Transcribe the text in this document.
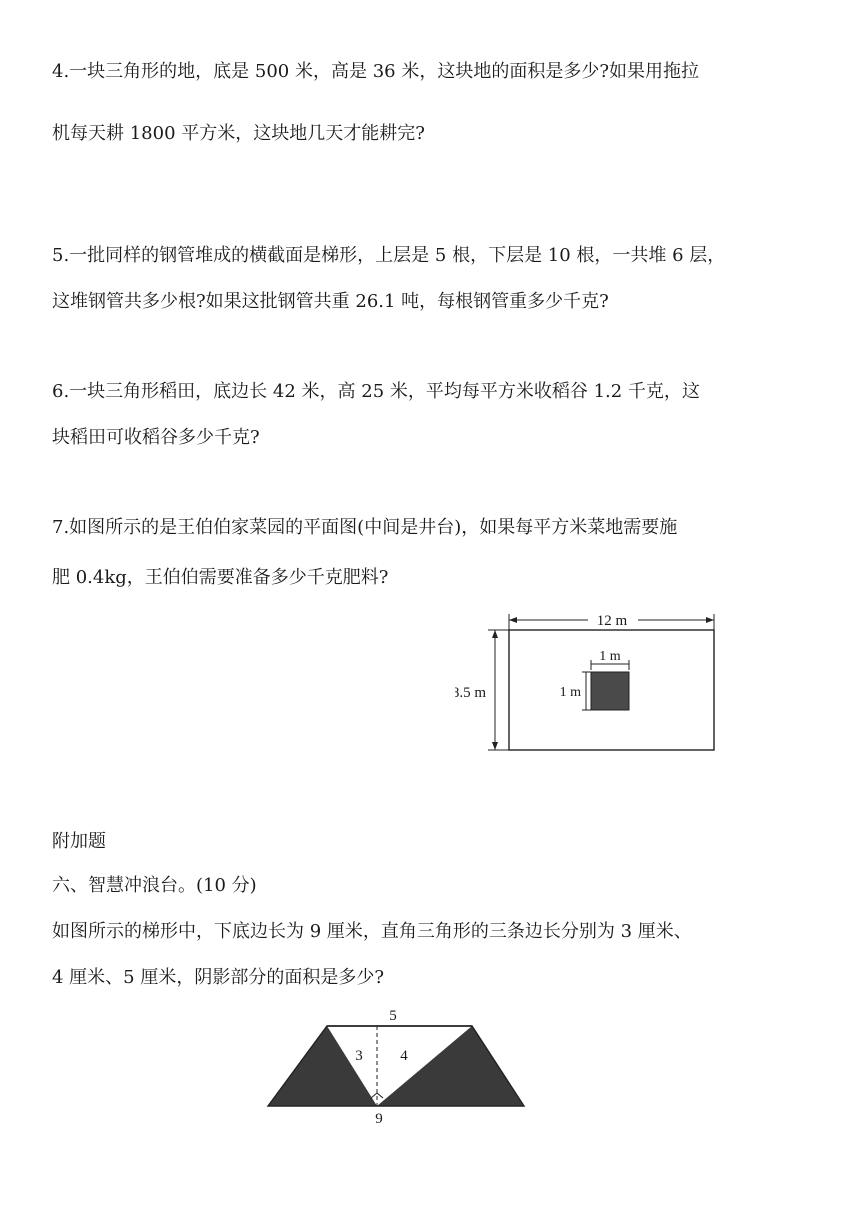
4.一块三角形的地，底是 500 米，高是 36 米，这块地的面积是多少?如果用拖拉
机每天耕 1800 平方米，这块地几天才能耕完?
5.一批同样的钢管堆成的横截面是梯形，上层是 5 根，下层是 10 根，一共堆 6 层，
这堆钢管共多少根?如果这批钢管共重 26.1 吨，每根钢管重多少千克?
6.一块三角形稻田，底边长 42 米，高 25 米，平均每平方米收稻谷 1.2 千克，这
块稻田可收稻谷多少千克?
7.如图所示的是王伯伯家菜园的平面图(中间是井台)，如果每平方米菜地需要施
肥 0.4kg，王伯伯需要准备多少千克肥料?
12 m
8.5 m
1 m
1 m
附加题
六、智慧冲浪台。(10 分)
如图所示的梯形中，下底边长为 9 厘米，直角三角形的三条边长分别为 3 厘米、
4 厘米、5 厘米，阴影部分的面积是多少?
5
3	4
9
